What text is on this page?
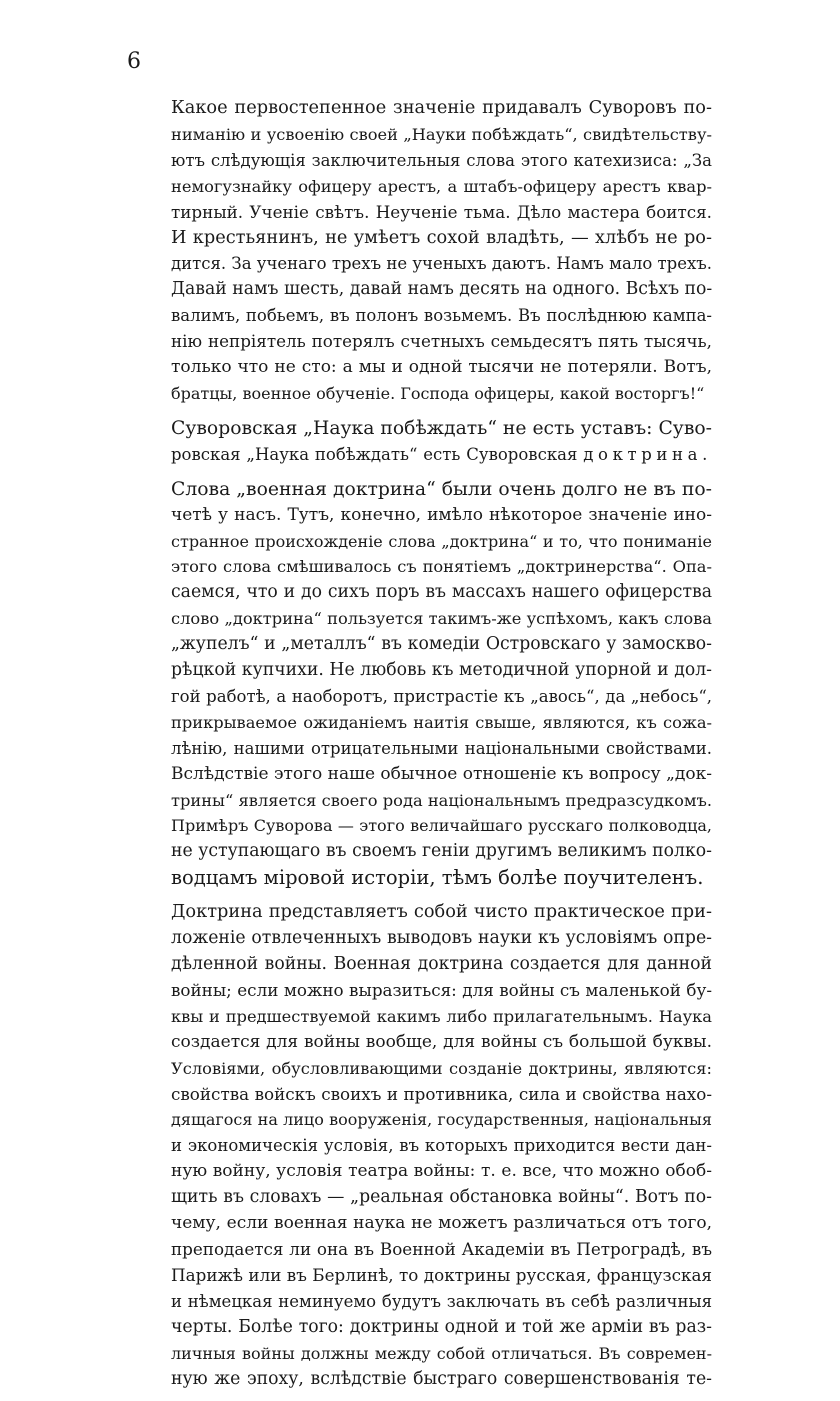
6

Какое первостепенное значеніе придавалъ Суворовъ по-
ниманію и усвоенію своей „Науки побѣждать“, свидѣтельству-
ютъ слѣдующія заключительныя слова этого катехизиса: „За
немогузнайку офицеру арестъ, а штабъ-офицеру арестъ квар-
тирный. Ученіе свѣтъ. Неученіе тьма. Дѣло мастера боится.
И крестьянинъ, не умѣетъ сохой владѣть, — хлѣбъ не ро-
дится. За ученаго трехъ не ученыхъ даютъ. Намъ мало трехъ.
Давай намъ шесть, давай намъ десять на одного. Всѣхъ по-
валимъ, побьемъ, въ полонъ возьмемъ. Въ послѣднюю кампа-
нію непріятель потерялъ счетныхъ семьдесятъ пять тысячь,
только что не сто: а мы и одной тысячи не потеряли. Вотъ,
братцы, военное обученіе. Господа офицеры, какой восторгъ!“

Суворовская „Наука побѣждать“ не есть уставъ: Суво-
ровская „Наука побѣждать“ есть Суворовская доктрина.

Слова „военная доктрина“ были очень долго не въ по-
четѣ у насъ. Тутъ, конечно, имѣло нѣкоторое значеніе ино-
странное происхожденіе слова „доктрина“ и то, что пониманіе
этого слова смѣшивалось съ понятіемъ „доктринерства“. Опа-
саемся, что и до сихъ поръ въ массахъ нашего офицерства
слово „доктрина“ пользуется такимъ-же успѣхомъ, какъ слова
„жупелъ“ и „металлъ“ въ комедіи Островскаго у замоскво-
рѣцкой купчихи. Не любовь къ методичной упорной и дол-
гой работѣ, а наоборотъ, пристрастіе къ „авось“, да „небось“,
прикрываемое ожиданіемъ наитія свыше, являются, къ сожа-
лѣнію, нашими отрицательными національными свойствами.
Вслѣдствіе этого наше обычное отношеніе къ вопросу „док-
трины“ является своего рода національнымъ предразсудкомъ.
Примѣръ Суворова — этого величайшаго русскаго полководца,
не уступающаго въ своемъ геніи другимъ великимъ полко-
водцамъ міровой исторіи, тѣмъ болѣе поучителенъ.

Доктрина представляетъ собой чисто практическое при-
ложеніе отвлеченныхъ выводовъ науки къ условіямъ опре-
дѣленной войны. Военная доктрина создается для данной
войны; если можно выразиться: для войны съ маленькой бу-
квы и предшествуемой какимъ либо прилагательнымъ. Наука
создается для войны вообще, для войны съ большой буквы.
Условіями, обусловливающими созданіе доктрины, являются:
свойства войскъ своихъ и противника, сила и свойства нахо-
дящагося на лицо вооруженія, государственныя, національныя
и экономическія условія, въ которыхъ приходится вести дан-
ную войну, условія театра войны: т. е. все, что можно обоб-
щить въ словахъ — „реальная обстановка войны“. Вотъ по-
чему, если военная наука не можетъ различаться отъ того,
преподается ли она въ Военной Академіи въ Петроградѣ, въ
Парижѣ или въ Берлинѣ, то доктрины русская, французская
и нѣмецкая неминуемо будутъ заключать въ себѣ различныя
черты. Болѣе того: доктрины одной и той же арміи въ раз-
личныя войны должны между собой отличаться. Въ современ-
ную же эпоху, вслѣдствіе быстраго совершенствованія те-
